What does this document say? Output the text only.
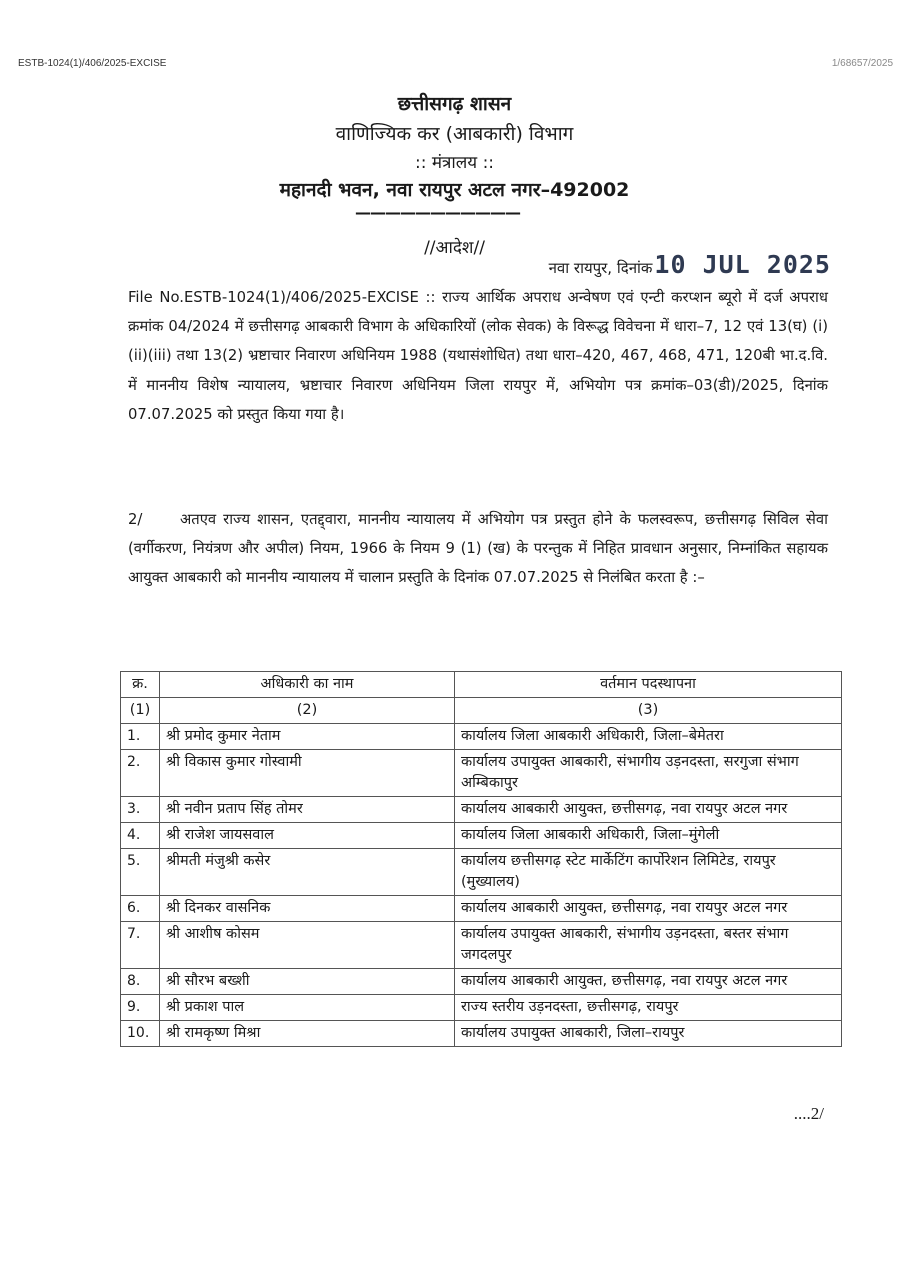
ESTB-1024(1)/406/2025-EXCISE	1/68657/2025
छत्तीसगढ़ शासन
वाणिज्यिक कर (आबकारी) विभाग
:: मंत्रालय ::
महानदी भवन, नवा रायपुर अटल नगर–492002
———————————
//आदेश//
नवा रायपुर, दिनांक10 JUL 2025
File No.ESTB-1024(1)/406/2025-EXCISE :: राज्य आर्थिक अपराध अन्वेषण एवं एन्टी करप्शन ब्यूरो में दर्ज अपराध क्रमांक 04/2024 में छत्तीसगढ़ आबकारी विभाग के अधिकारियों (लोक सेवक) के विरूद्ध विवेचना में धारा–7, 12 एवं 13(घ) (i)(ii)(iii) तथा 13(2) भ्रष्टाचार निवारण अधिनियम 1988 (यथासंशोधित) तथा धारा–420, 467, 468, 471, 120बी भा.द.वि. में माननीय विशेष न्यायालय, भ्रष्टाचार निवारण अधिनियम जिला रायपुर में, अभियोग पत्र क्रमांक–03(डी)/2025, दिनांक 07.07.2025 को प्रस्तुत किया गया है।
2/	अतएव राज्य शासन, एतद्द्वारा, माननीय न्यायालय में अभियोग पत्र प्रस्तुत होने के फलस्वरूप, छत्तीसगढ़ सिविल सेवा (वर्गीकरण, नियंत्रण और अपील) नियम, 1966 के नियम 9 (1) (ख) के परन्तुक में निहित प्रावधान अनुसार, निम्नांकित सहायक आयुक्त आबकारी को माननीय न्यायालय में चालान प्रस्तुति के दिनांक 07.07.2025 से निलंबित करता है :–
क्र.	अधिकारी का नाम	वर्तमान पदस्थापना
(1)	(2)	(3)
1.	श्री प्रमोद कुमार नेताम	कार्यालय जिला आबकारी अधिकारी, जिला–बेमेतरा
2.	श्री विकास कुमार गोस्वामी	कार्यालय उपायुक्त आबकारी, संभागीय उड़नदस्ता, सरगुजा संभाग अम्बिकापुर
3.	श्री नवीन प्रताप सिंह तोमर	कार्यालय आबकारी आयुक्त, छत्तीसगढ़, नवा रायपुर अटल नगर
4.	श्री राजेश जायसवाल	कार्यालय जिला आबकारी अधिकारी, जिला–मुंगेली
5.	श्रीमती मंजुश्री कसेर	कार्यालय छत्तीसगढ़ स्टेट मार्केटिंग कार्पोरेशन लिमिटेड, रायपुर (मुख्यालय)
6.	श्री दिनकर वासनिक	कार्यालय आबकारी आयुक्त, छत्तीसगढ़, नवा रायपुर अटल नगर
7.	श्री आशीष कोसम	कार्यालय उपायुक्त आबकारी, संभागीय उड़नदस्ता, बस्तर संभाग जगदलपुर
8.	श्री सौरभ बख्शी	कार्यालय आबकारी आयुक्त, छत्तीसगढ़, नवा रायपुर अटल नगर
9.	श्री प्रकाश पाल	राज्य स्तरीय उड़नदस्ता, छत्तीसगढ़, रायपुर
10.	श्री रामकृष्ण मिश्रा	कार्यालय उपायुक्त आबकारी, जिला–रायपुर
....2/
